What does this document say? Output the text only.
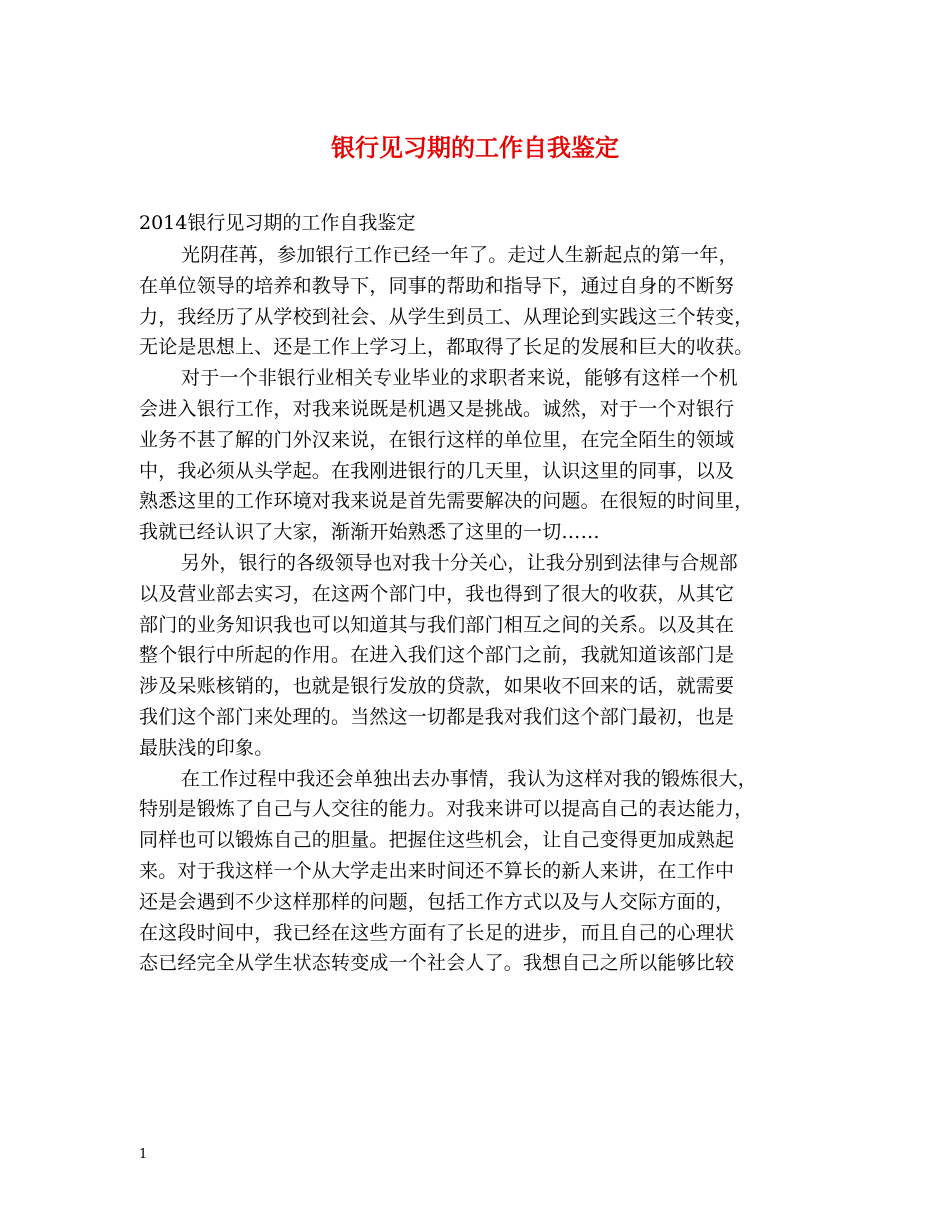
银行见习期的工作自我鉴定
2014银行见习期的工作自我鉴定
光阴荏苒，参加银行工作已经一年了。走过人生新起点的第一年，
在单位领导的培养和教导下，同事的帮助和指导下，通过自身的不断努
力，我经历了从学校到社会、从学生到员工、从理论到实践这三个转变，
无论是思想上、还是工作上学习上，都取得了长足的发展和巨大的收获。
对于一个非银行业相关专业毕业的求职者来说，能够有这样一个机
会进入银行工作，对我来说既是机遇又是挑战。诚然，对于一个对银行
业务不甚了解的门外汉来说，在银行这样的单位里，在完全陌生的领域
中，我必须从头学起。在我刚进银行的几天里，认识这里的同事，以及
熟悉这里的工作环境对我来说是首先需要解决的问题。在很短的时间里，
我就已经认识了大家，渐渐开始熟悉了这里的一切……
另外，银行的各级领导也对我十分关心，让我分别到法律与合规部
以及营业部去实习，在这两个部门中，我也得到了很大的收获，从其它
部门的业务知识我也可以知道其与我们部门相互之间的关系。以及其在
整个银行中所起的作用。在进入我们这个部门之前，我就知道该部门是
涉及呆账核销的，也就是银行发放的贷款，如果收不回来的话，就需要
我们这个部门来处理的。当然这一切都是我对我们这个部门最初，也是
最肤浅的印象。
在工作过程中我还会单独出去办事情，我认为这样对我的锻炼很大，
特别是锻炼了自己与人交往的能力。对我来讲可以提高自己的表达能力，
同样也可以锻炼自己的胆量。把握住这些机会，让自己变得更加成熟起
来。对于我这样一个从大学走出来时间还不算长的新人来讲，在工作中
还是会遇到不少这样那样的问题，包括工作方式以及与人交际方面的，
在这段时间中，我已经在这些方面有了长足的进步，而且自己的心理状
态已经完全从学生状态转变成一个社会人了。我想自己之所以能够比较
1
